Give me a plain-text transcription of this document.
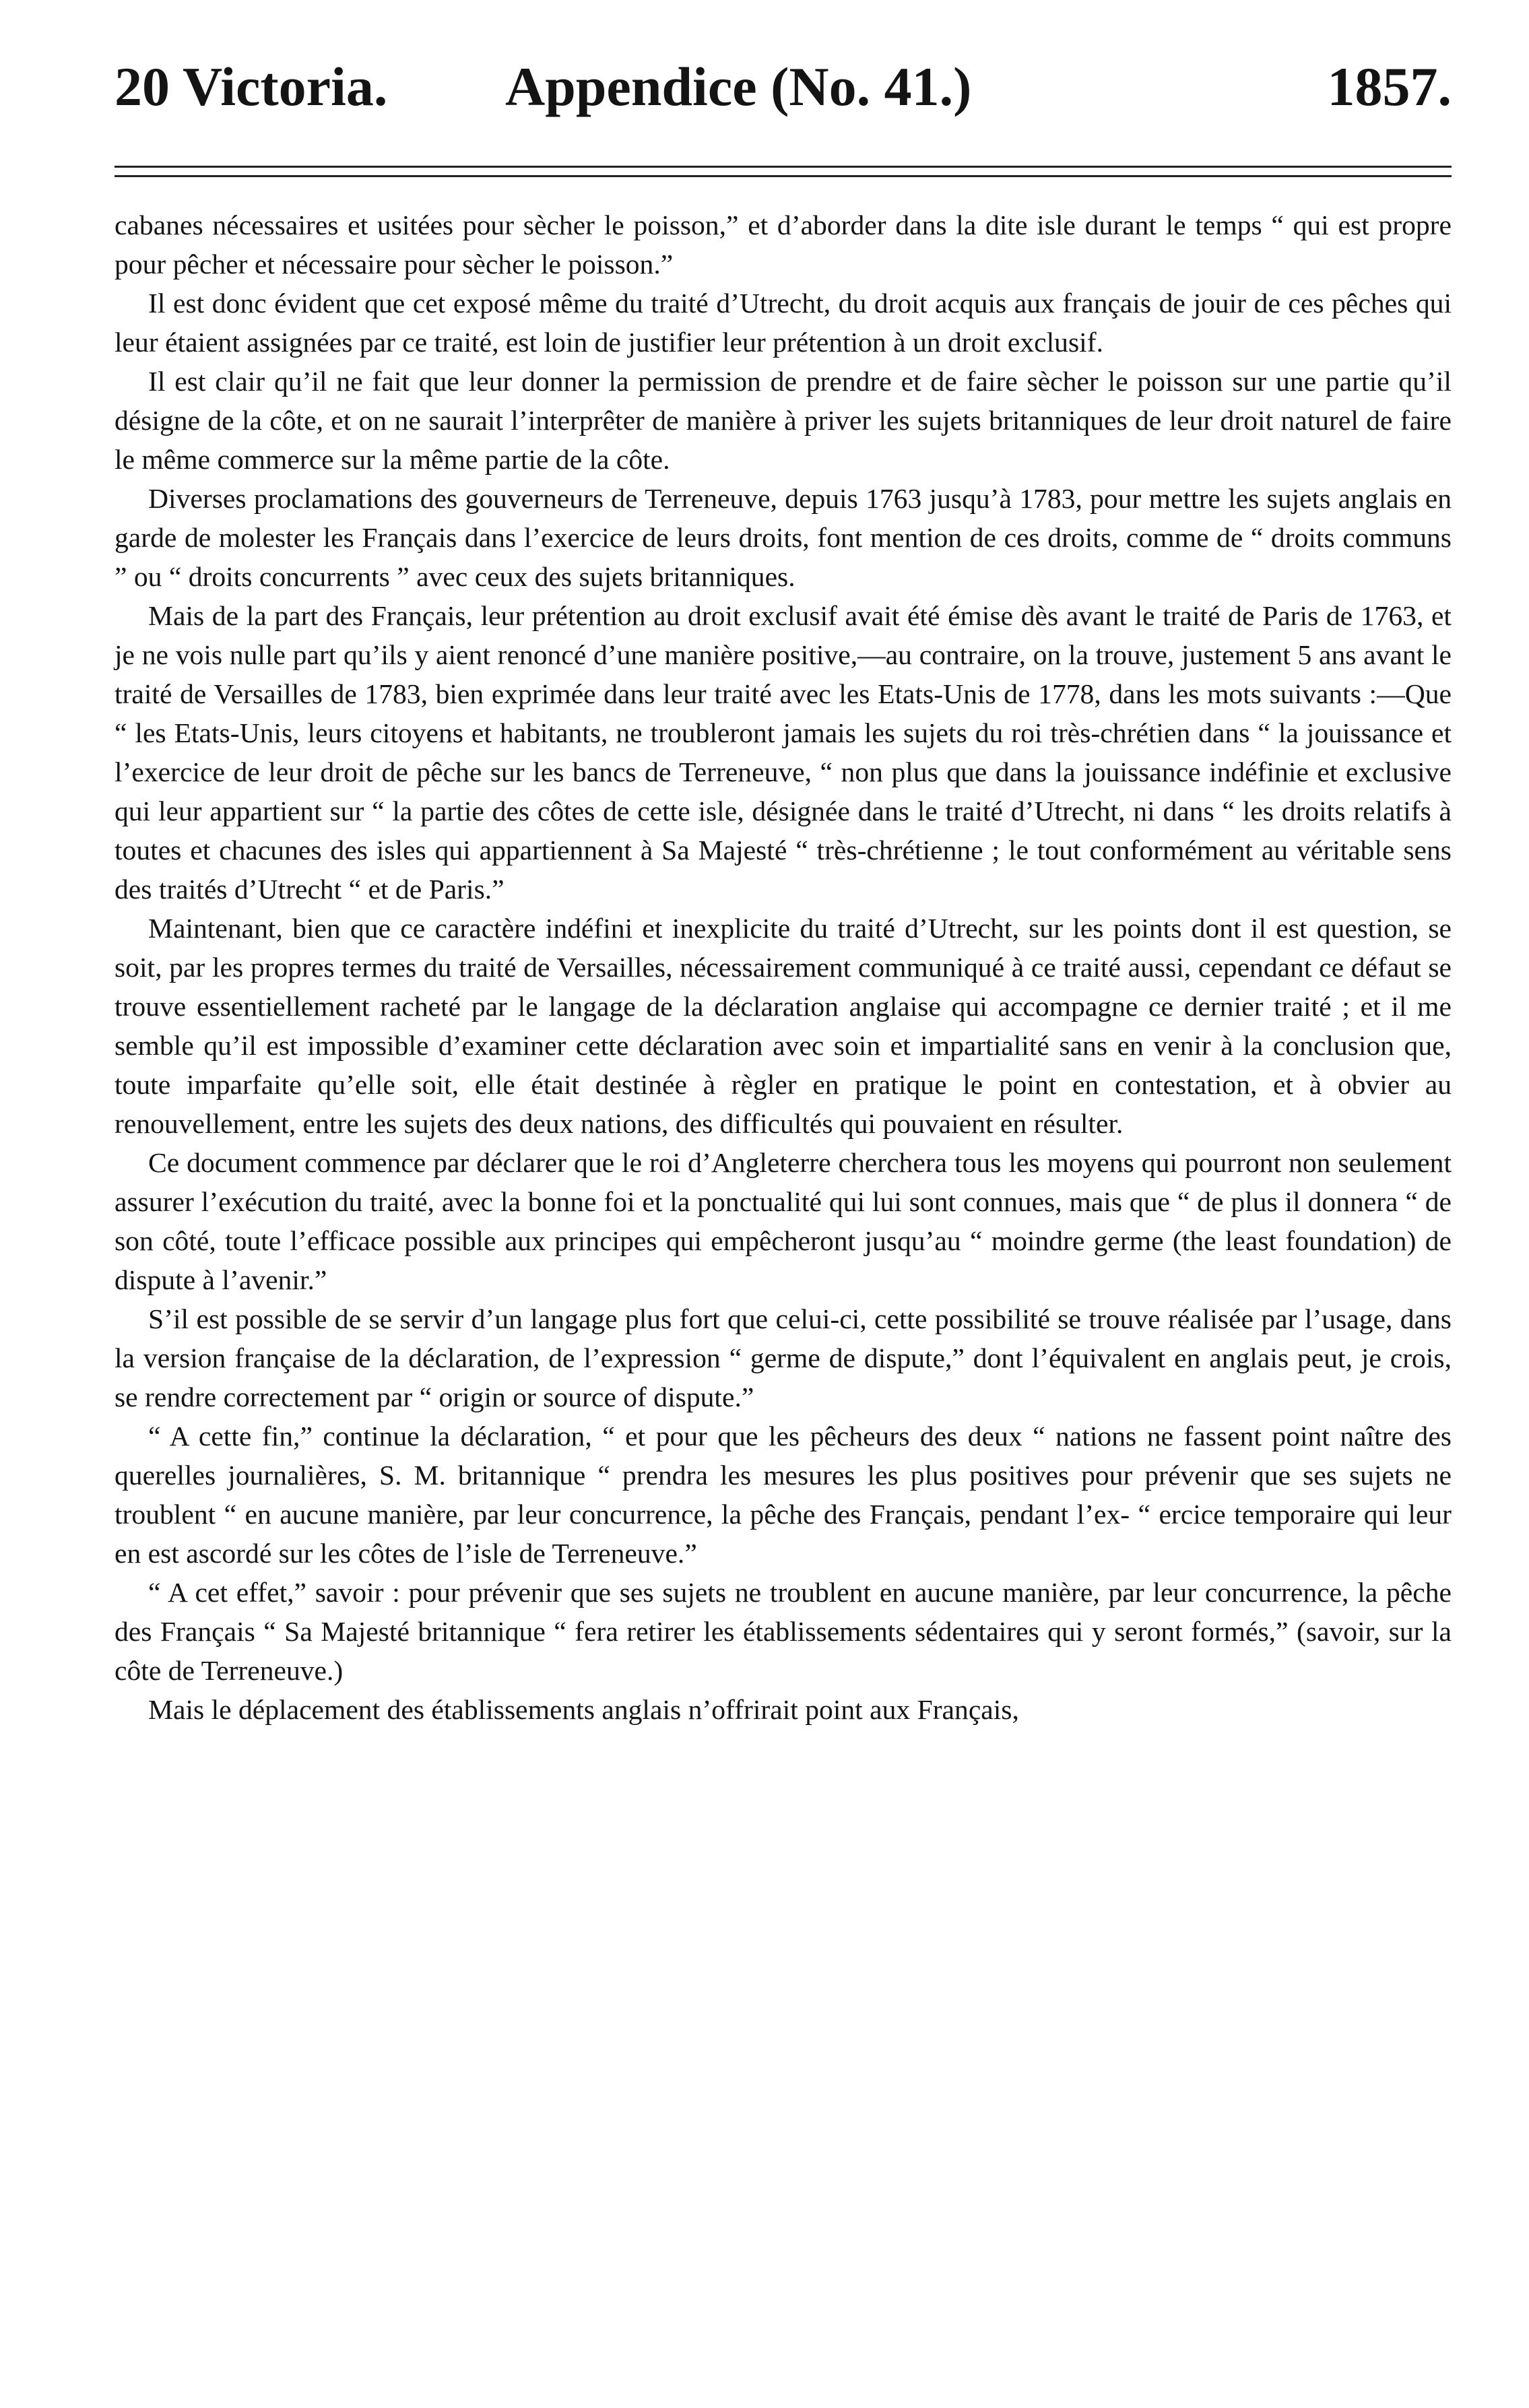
20 Victoria. Appendice (No. 41.)	1857.

cabanes nécessaires et usitées pour sècher le poisson,” et d’aborder dans la dite isle durant le temps “ qui est propre pour pêcher et nécessaire pour sècher le poisson.”

Il est donc évident que cet exposé même du traité d’Utrecht, du droit acquis aux français de jouir de ces pêches qui leur étaient assignées par ce traité, est loin de justifier leur prétention à un droit exclusif.

Il est clair qu’il ne fait que leur donner la permission de prendre et de faire sècher le poisson sur une partie qu’il désigne de la côte, et on ne saurait l’interprêter de manière à priver les sujets britanniques de leur droit naturel de faire le même commerce sur la même partie de la côte.

Diverses proclamations des gouverneurs de Terreneuve, depuis 1763 jusqu’à 1783, pour mettre les sujets anglais en garde de molester les Français dans l’exercice de leurs droits, font mention de ces droits, comme de “ droits communs ” ou “ droits concurrents ” avec ceux des sujets britanniques.

Mais de la part des Français, leur prétention au droit exclusif avait été émise dès avant le traité de Paris de 1763, et je ne vois nulle part qu’ils y aient renoncé d’une manière positive,—au contraire, on la trouve, justement 5 ans avant le traité de Versailles de 1783, bien exprimée dans leur traité avec les Etats-Unis de 1778, dans les mots suivants :—Que “ les Etats-Unis, leurs citoyens et habitants, ne troubleront jamais les sujets du roi très-chrétien dans “ la jouissance et l’exercice de leur droit de pêche sur les bancs de Terreneuve, “ non plus que dans la jouissance indéfinie et exclusive qui leur appartient sur “ la partie des côtes de cette isle, désignée dans le traité d’Utrecht, ni dans “ les droits relatifs à toutes et chacunes des isles qui appartiennent à Sa Majesté “ très-chrétienne ; le tout conformément au véritable sens des traités d’Utrecht “ et de Paris.”

Maintenant, bien que ce caractère indéfini et inexplicite du traité d’Utrecht, sur les points dont il est question, se soit, par les propres termes du traité de Versailles, nécessairement communiqué à ce traité aussi, cependant ce défaut se trouve essentiellement racheté par le langage de la déclaration anglaise qui accompagne ce dernier traité ; et il me semble qu’il est impossible d’examiner cette déclaration avec soin et impartialité sans en venir à la conclusion que, toute imparfaite qu’elle soit, elle était destinée à règler en pratique le point en contestation, et à obvier au renouvellement, entre les sujets des deux nations, des difficultés qui pouvaient en résulter.

Ce document commence par déclarer que le roi d’Angleterre cherchera tous les moyens qui pourront non seulement assurer l’exécution du traité, avec la bonne foi et la ponctualité qui lui sont connues, mais que “ de plus il donnera “ de son côté, toute l’efficace possible aux principes qui empêcheront jusqu’au “ moindre germe (the least foundation) de dispute à l’avenir.”

S’il est possible de se servir d’un langage plus fort que celui-ci, cette possibilité se trouve réalisée par l’usage, dans la version française de la déclaration, de l’expression “ germe de dispute,” dont l’équivalent en anglais peut, je crois, se rendre correctement par “ origin or source of dispute.”

“ A cette fin,” continue la déclaration, “ et pour que les pêcheurs des deux “ nations ne fassent point naître des querelles journalières, S. M. britannique “ prendra les mesures les plus positives pour prévenir que ses sujets ne troublent “ en aucune manière, par leur concurrence, la pêche des Français, pendant l’ex- “ ercice temporaire qui leur en est ascordé sur les côtes de l’isle de Terreneuve.”

“ A cet effet,” savoir : pour prévenir que ses sujets ne troublent en aucune manière, par leur concurrence, la pêche des Français “ Sa Majesté britannique “ fera retirer les établissements sédentaires qui y seront formés,” (savoir, sur la côte de Terreneuve.)

Mais le déplacement des établissements anglais n’offrirait point aux Français,
